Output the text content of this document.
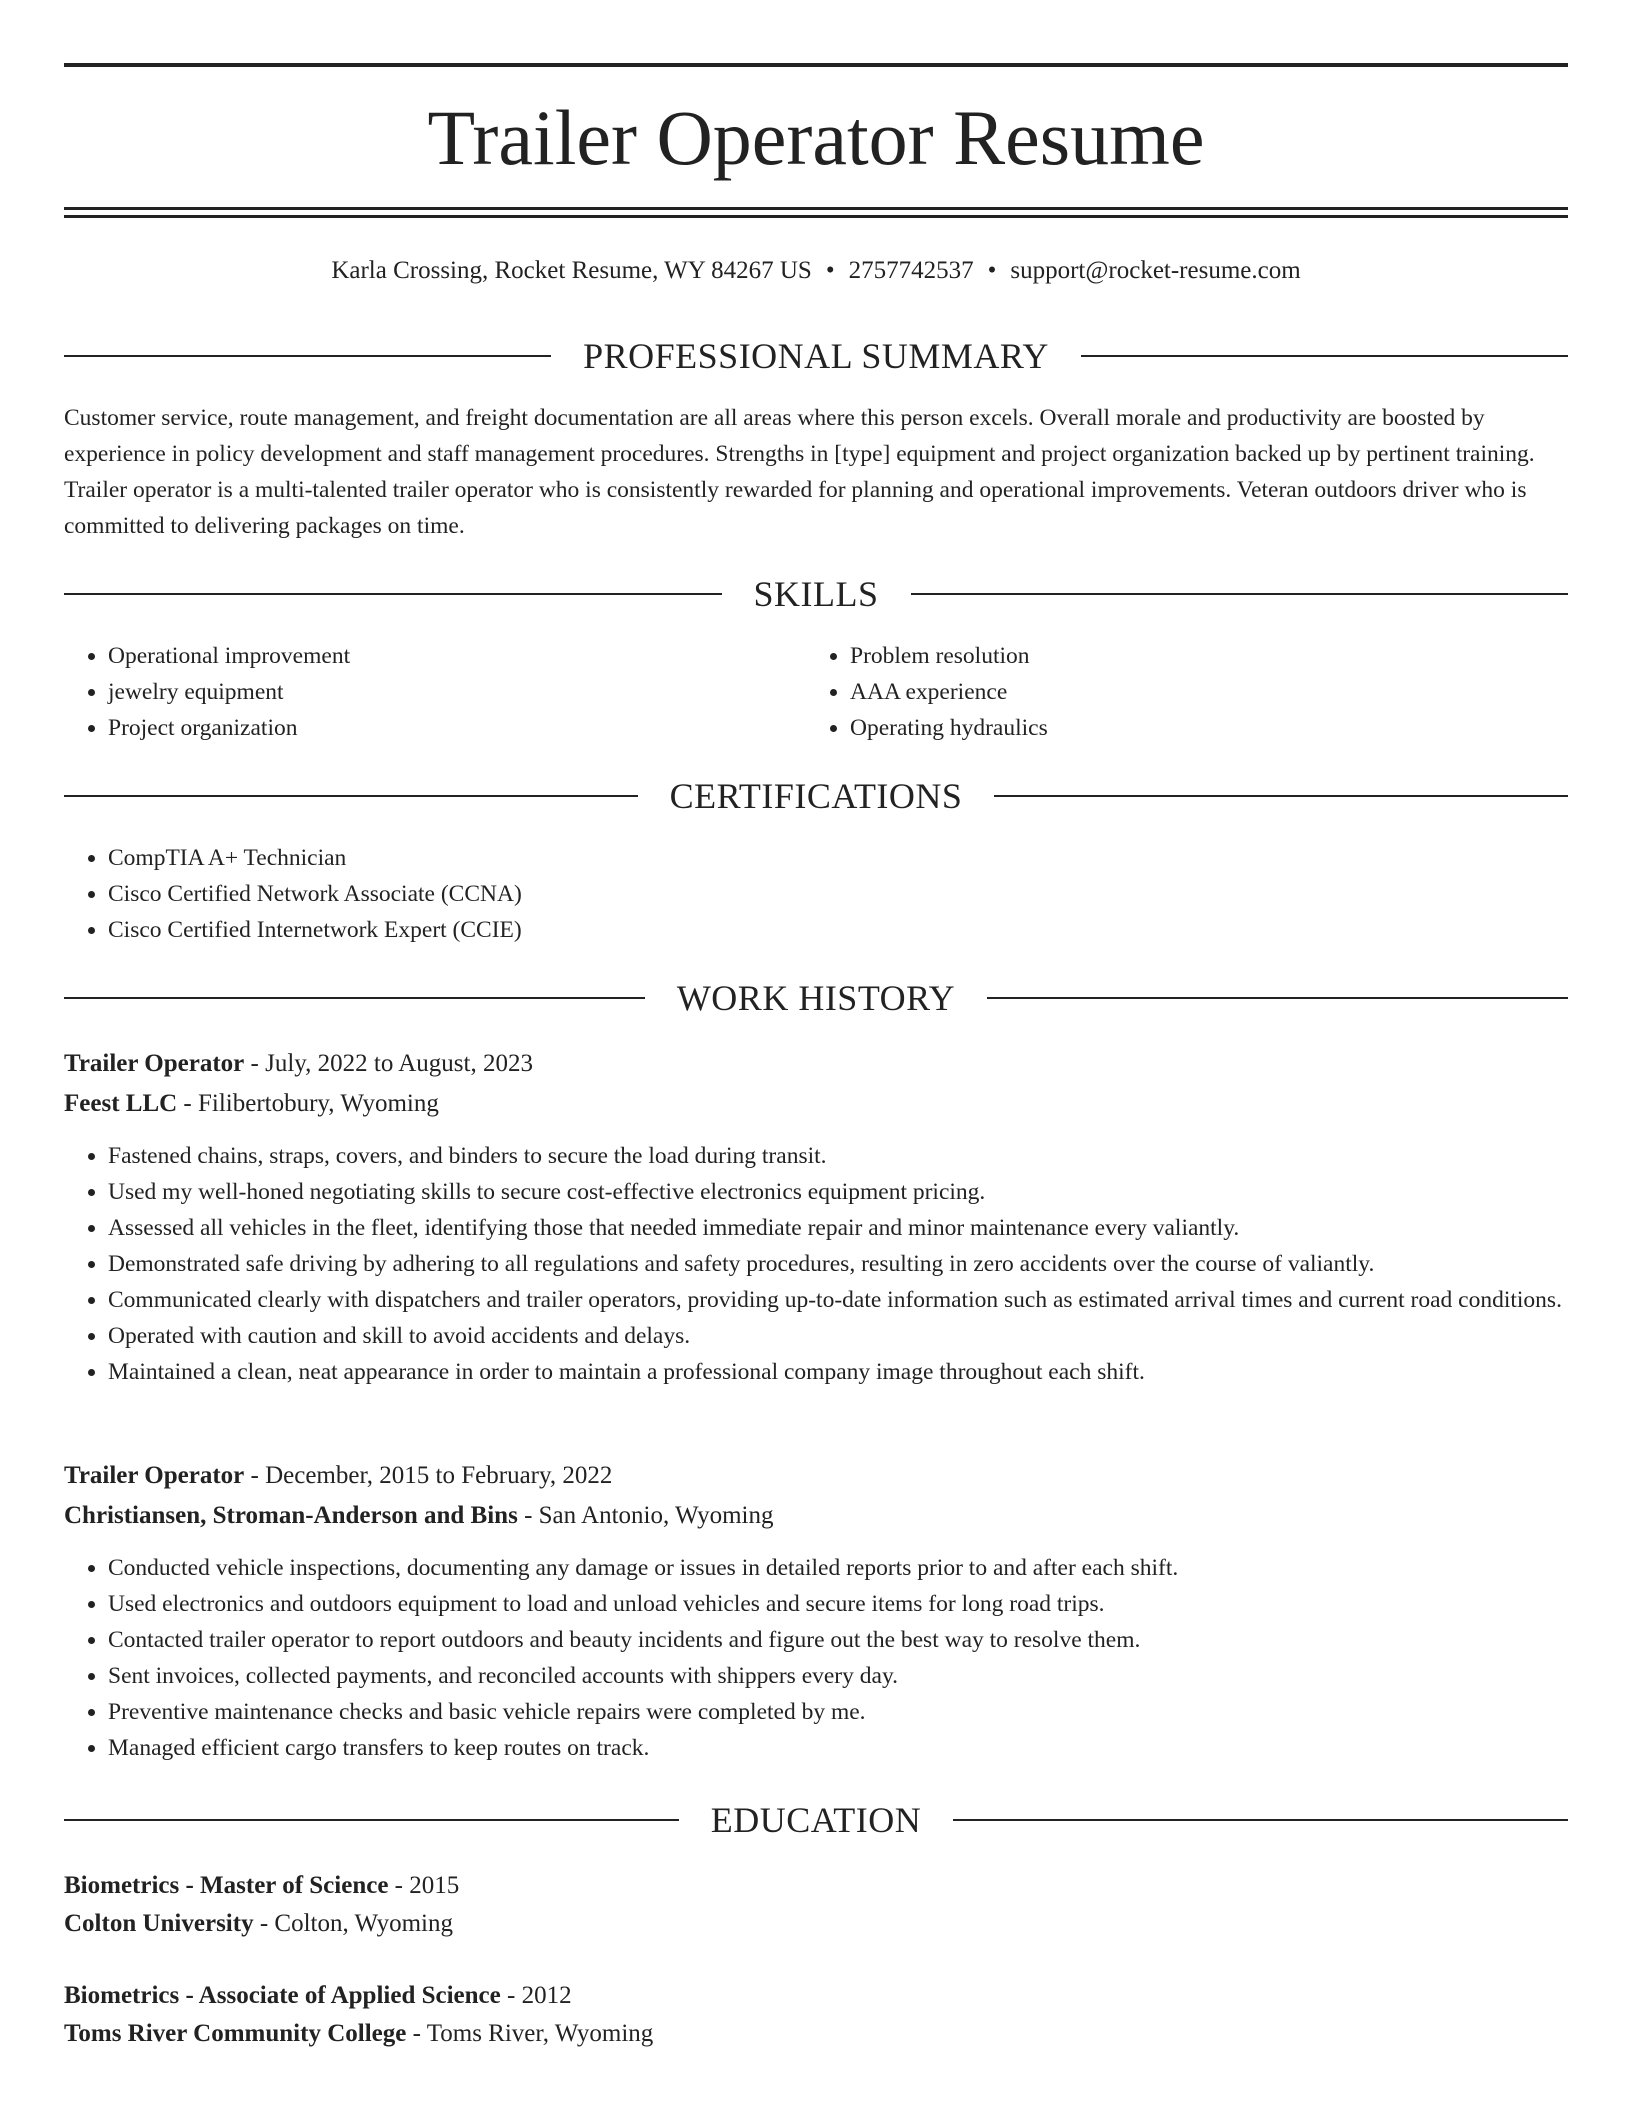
Trailer Operator Resume
Karla Crossing, Rocket Resume, WY 84267 US • 2757742537 • support@rocket-resume.com
PROFESSIONAL SUMMARY

Customer service, route management, and freight documentation are all areas where this person excels. Overall morale and productivity are boosted by experience in policy development and staff management procedures. Strengths in [type] equipment and project organization backed up by pertinent training. Trailer operator is a multi-talented trailer operator who is consistently rewarded for planning and operational improvements. Veteran outdoors driver who is committed to delivering packages on time.

SKILLS
• Operational improvement
• jewelry equipment
• Project organization
• Problem resolution
• AAA experience
• Operating hydraulics
CERTIFICATIONS
• CompTIA A+ Technician
• Cisco Certified Network Associate (CCNA)
• Cisco Certified Internetwork Expert (CCIE)
WORK HISTORY
Trailer Operator - July, 2022 to August, 2023
Feest LLC - Filibertobury, Wyoming
• Fastened chains, straps, covers, and binders to secure the load during transit.
• Used my well-honed negotiating skills to secure cost-effective electronics equipment pricing.
• Assessed all vehicles in the fleet, identifying those that needed immediate repair and minor maintenance every valiantly.
• Demonstrated safe driving by adhering to all regulations and safety procedures, resulting in zero accidents over the course of valiantly.
• Communicated clearly with dispatchers and trailer operators, providing up-to-date information such as estimated arrival times and current road conditions.
• Operated with caution and skill to avoid accidents and delays.
• Maintained a clean, neat appearance in order to maintain a professional company image throughout each shift.
Trailer Operator - December, 2015 to February, 2022
Christiansen, Stroman-Anderson and Bins - San Antonio, Wyoming
• Conducted vehicle inspections, documenting any damage or issues in detailed reports prior to and after each shift.
• Used electronics and outdoors equipment to load and unload vehicles and secure items for long road trips.
• Contacted trailer operator to report outdoors and beauty incidents and figure out the best way to resolve them.
• Sent invoices, collected payments, and reconciled accounts with shippers every day.
• Preventive maintenance checks and basic vehicle repairs were completed by me.
• Managed efficient cargo transfers to keep routes on track.
EDUCATION
Biometrics - Master of Science - 2015
Colton University - Colton, Wyoming
Biometrics - Associate of Applied Science - 2012
Toms River Community College - Toms River, Wyoming
